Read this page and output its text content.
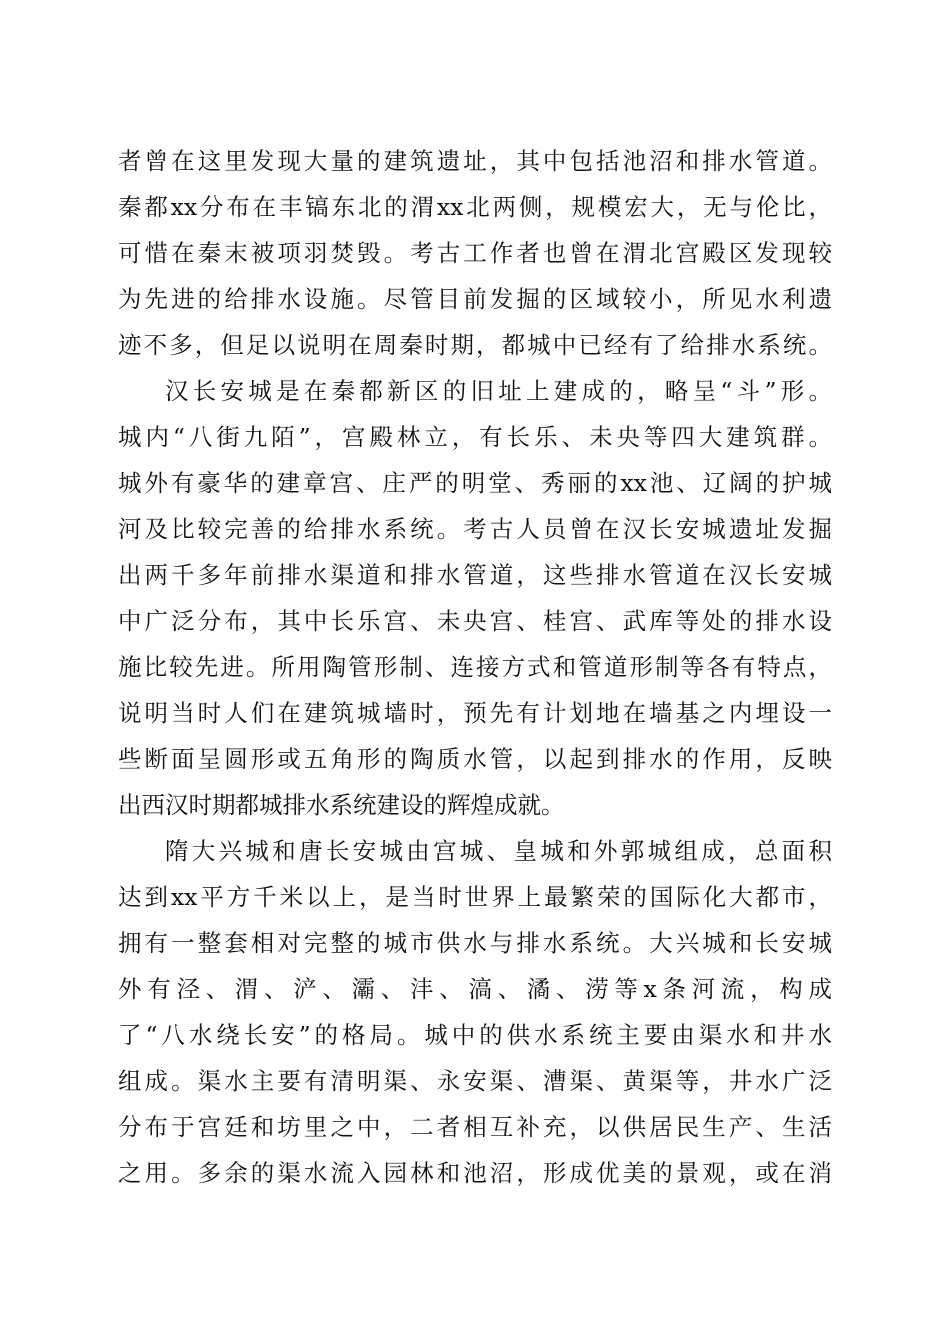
者曾在这里发现大量的建筑遗址，其中包括池沼和排水管道。
秦都xx分布在丰镐东北的渭xx北两侧，规模宏大，无与伦比，
可惜在秦末被项羽焚毁。考古工作者也曾在渭北宫殿区发现较
为先进的给排水设施。尽管目前发掘的区域较小，所见水利遗
迹不多，但足以说明在周秦时期，都城中已经有了给排水系统。
汉长安城是在秦都新区的旧址上建成的，略呈“斗”形。
城内“八街九陌”，宫殿林立，有长乐、未央等四大建筑群。
城外有豪华的建章宫、庄严的明堂、秀丽的xx池、辽阔的护城
河及比较完善的给排水系统。考古人员曾在汉长安城遗址发掘
出两千多年前排水渠道和排水管道，这些排水管道在汉长安城
中广泛分布，其中长乐宫、未央宫、桂宫、武库等处的排水设
施比较先进。所用陶管形制、连接方式和管道形制等各有特点，
说明当时人们在建筑城墙时，预先有计划地在墙基之内埋设一
些断面呈圆形或五角形的陶质水管，以起到排水的作用，反映
出西汉时期都城排水系统建设的辉煌成就。
隋大兴城和唐长安城由宫城、皇城和外郭城组成，总面积
达到xx平方千米以上，是当时世界上最繁荣的国际化大都市，
拥有一整套相对完整的城市供水与排水系统。大兴城和长安城
外有泾、渭、浐、灞、沣、滈、潏、涝等x条河流，构成
了“八水绕长安”的格局。城中的供水系统主要由渠水和井水
组成。渠水主要有清明渠、永安渠、漕渠、黄渠等，井水广泛
分布于宫廷和坊里之中，二者相互补充，以供居民生产、生活
之用。多余的渠水流入园林和池沼，形成优美的景观，或在消
